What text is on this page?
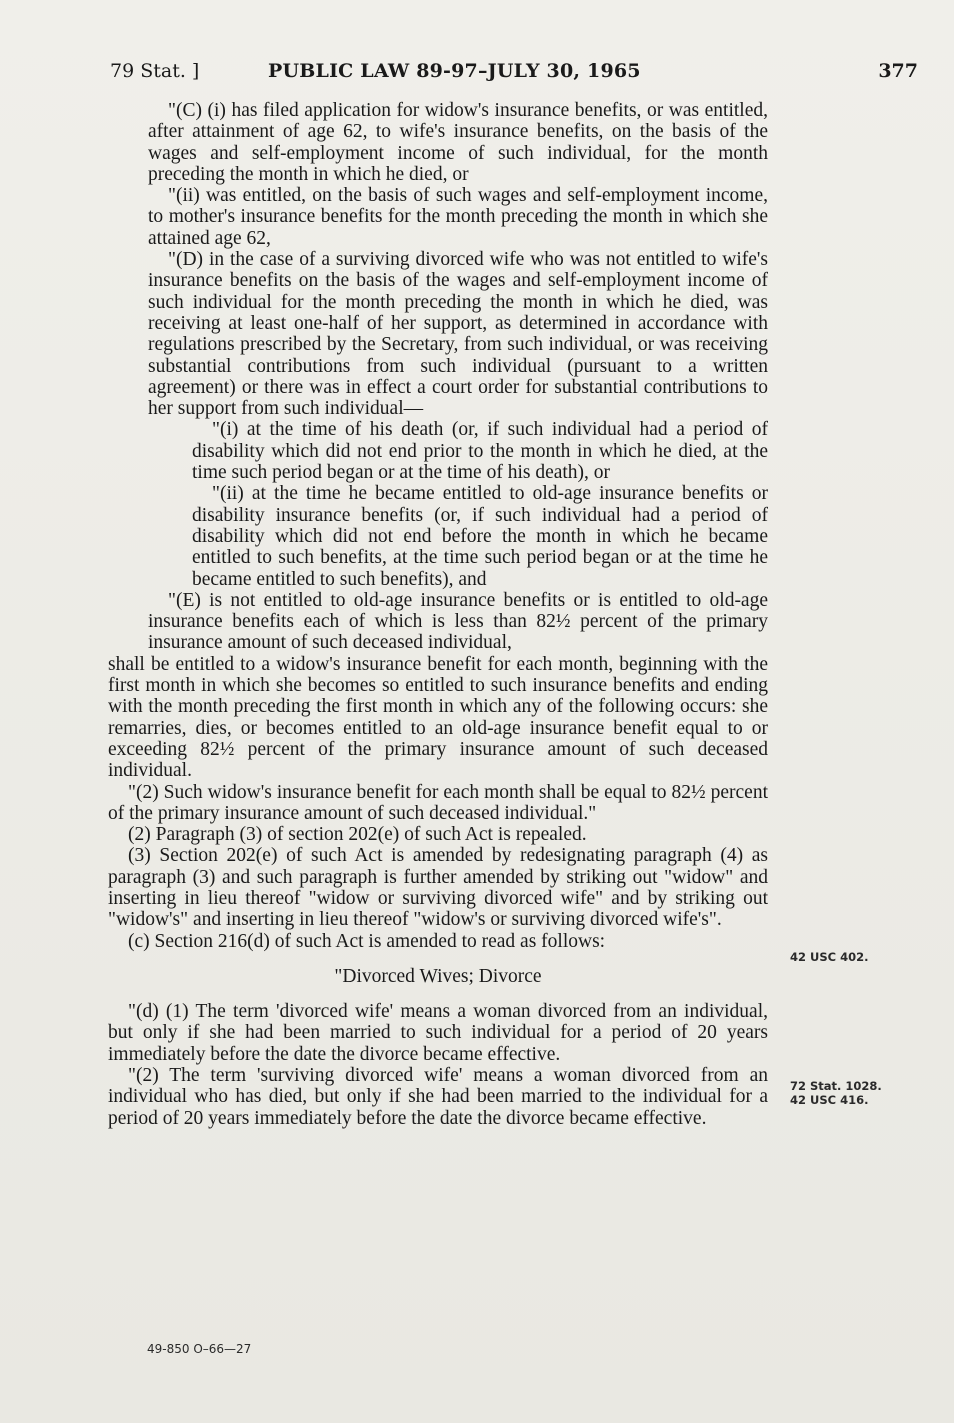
79 Stat. ]	PUBLIC LAW 89-97–JULY 30, 1965	377

"(C) (i) has filed application for widow's insurance benefits, or was entitled, after attainment of age 62, to wife's insurance benefits, on the basis of the wages and self-employment income of such individual, for the month preceding the month in which he died, or

"(ii) was entitled, on the basis of such wages and self-employment income, to mother's insurance benefits for the month preceding the month in which she attained age 62,

"(D) in the case of a surviving divorced wife who was not entitled to wife's insurance benefits on the basis of the wages and self-employment income of such individual for the month preceding the month in which he died, was receiving at least one-half of her support, as determined in accordance with regulations prescribed by the Secretary, from such individual, or was receiving substantial contributions from such individual (pursuant to a written agreement) or there was in effect a court order for substantial contributions to her support from such individual—

"(i) at the time of his death (or, if such individual had a period of disability which did not end prior to the month in which he died, at the time such period began or at the time of his death), or

"(ii) at the time he became entitled to old-age insurance benefits or disability insurance benefits (or, if such individual had a period of disability which did not end before the month in which he became entitled to such benefits, at the time such period began or at the time he became entitled to such benefits), and

"(E) is not entitled to old-age insurance benefits or is entitled to old-age insurance benefits each of which is less than 82½ percent of the primary insurance amount of such deceased individual,

shall be entitled to a widow's insurance benefit for each month, beginning with the first month in which she becomes so entitled to such insurance benefits and ending with the month preceding the first month in which any of the following occurs: she remarries, dies, or becomes entitled to an old-age insurance benefit equal to or exceeding 82½ percent of the primary insurance amount of such deceased individual.

"(2) Such widow's insurance benefit for each month shall be equal to 82½ percent of the primary insurance amount of such deceased individual."

(2) Paragraph (3) of section 202(e) of such Act is repealed.

(3) Section 202(e) of such Act is amended by redesignating paragraph (4) as paragraph (3) and such paragraph is further amended by striking out "widow" and inserting in lieu thereof "widow or surviving divorced wife" and by striking out "widow's" and inserting in lieu thereof "widow's or surviving divorced wife's".

(c) Section 216(d) of such Act is amended to read as follows:

"Divorced Wives; Divorce

"(d) (1) The term 'divorced wife' means a woman divorced from an individual, but only if she had been married to such individual for a period of 20 years immediately before the date the divorce became effective.

"(2) The term 'surviving divorced wife' means a woman divorced from an individual who has died, but only if she had been married to the individual for a period of 20 years immediately before the date the divorce became effective.

42 USC 402.
72 Stat. 1028.
42 USC 416.
49-850 O–66—27
